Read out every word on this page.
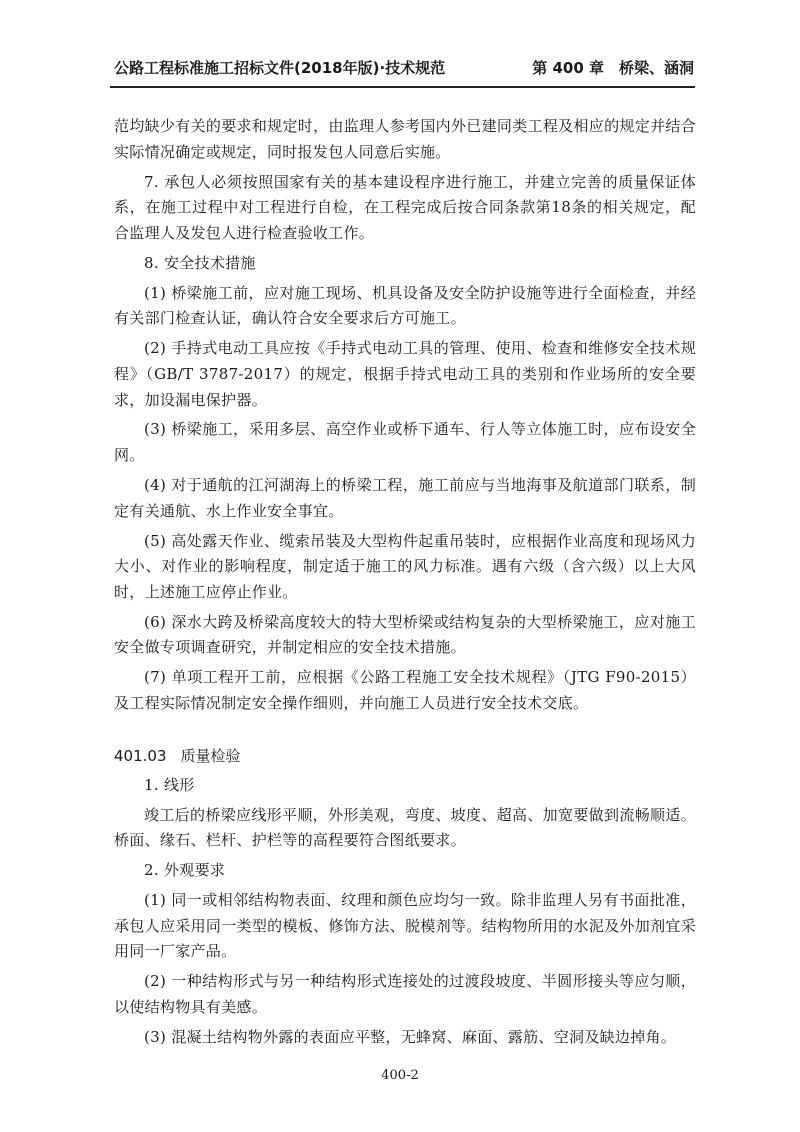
公路工程标准施工招标文件(2018年版)·技术规范	第 400 章　桥梁、涵洞

范均缺少有关的要求和规定时，由监理人参考国内外已建同类工程及相应的规定并结合实际情况确定或规定，同时报发包人同意后实施。

7. 承包人必须按照国家有关的基本建设程序进行施工，并建立完善的质量保证体系，在施工过程中对工程进行自检，在工程完成后按合同条款第18条的相关规定，配合监理人及发包人进行检查验收工作。

8. 安全技术措施

(1) 桥梁施工前，应对施工现场、机具设备及安全防护设施等进行全面检查，并经有关部门检查认证，确认符合安全要求后方可施工。

(2) 手持式电动工具应按《手持式电动工具的管理、使用、检查和维修安全技术规程》（GB/T 3787-2017）的规定，根据手持式电动工具的类别和作业场所的安全要求，加设漏电保护器。

(3) 桥梁施工，采用多层、高空作业或桥下通车、行人等立体施工时，应布设安全网。

(4) 对于通航的江河湖海上的桥梁工程，施工前应与当地海事及航道部门联系，制定有关通航、水上作业安全事宜。

(5) 高处露天作业、缆索吊装及大型构件起重吊装时，应根据作业高度和现场风力大小、对作业的影响程度，制定适于施工的风力标准。遇有六级（含六级）以上大风时，上述施工应停止作业。

(6) 深水大跨及桥梁高度较大的特大型桥梁或结构复杂的大型桥梁施工，应对施工安全做专项调查研究，并制定相应的安全技术措施。

(7) 单项工程开工前，应根据《公路工程施工安全技术规程》（JTG F90-2015）及工程实际情况制定安全操作细则，并向施工人员进行安全技术交底。

401.03 质量检验

1. 线形

竣工后的桥梁应线形平顺，外形美观，弯度、坡度、超高、加宽要做到流畅顺适。桥面、缘石、栏杆、护栏等的高程要符合图纸要求。

2. 外观要求

(1) 同一或相邻结构物表面、纹理和颜色应均匀一致。除非监理人另有书面批准，承包人应采用同一类型的模板、修饰方法、脱模剂等。结构物所用的水泥及外加剂宜采用同一厂家产品。

(2) 一种结构形式与另一种结构形式连接处的过渡段坡度、半圆形接头等应匀顺，以使结构物具有美感。

(3) 混凝土结构物外露的表面应平整，无蜂窝、麻面、露筋、空洞及缺边掉角。

400-2
